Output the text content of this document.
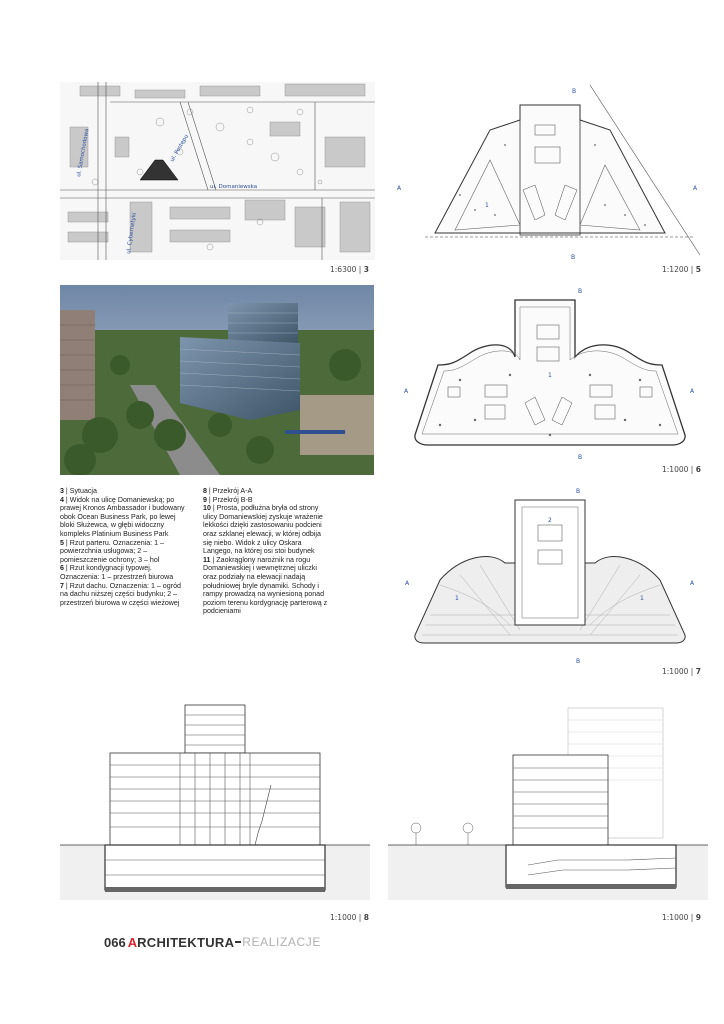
ul. Samochodowa	ul. Postępu
ul. Domaniewska
ul. Cybernetyki
1:6300 | 3
A	A
B
B
1
1:1200 | 5
A	A
B
B
1
1:1000 | 6

3 | Sytuacja

4 | Widok na ulicę Domaniewską; po prawej Kronos Ambassador i budowany obok Ocean Business Park, po lewej bloki Służewca, w głębi widoczny kompleks Platinium Business Park

5 | Rzut parteru. Oznaczenia: 1 – powierzchnia usługowa; 2 – pomieszczenie ochrony; 3 – hol

6 | Rzut kondygnacji typowej. Oznaczenia: 1 – przestrzeń biurowa

7 | Rzut dachu. Oznaczenia: 1 – ogród na dachu niższej części budynku; 2 – przestrzeń biurowa w części wieżowej

8 | Przekrój A-A

9 | Przekrój B-B

10 | Prosta, podłużna bryła od strony ulicy Domaniewskiej zyskuje wrażenie lekkości dzięki zastosowaniu podcieni oraz szklanej elewacji, w której odbija się niebo. Widok z ulicy Oskara Langego, na której osi stoi budynek

11 | Zaokrąglony narożnik na rogu Domaniewskiej i wewnętrznej uliczki oraz podziały na elewacji nadają południowej bryle dynamiki. Schody i rampy prowadzą na wyniesioną ponad poziom terenu kordygnację parterową z podcieniami

A	A
B
B
1	1
2
1:1000 | 7
1:1000 | 8	1:1000 | 9
066 A RCHITEKTURA REALIZACJE
